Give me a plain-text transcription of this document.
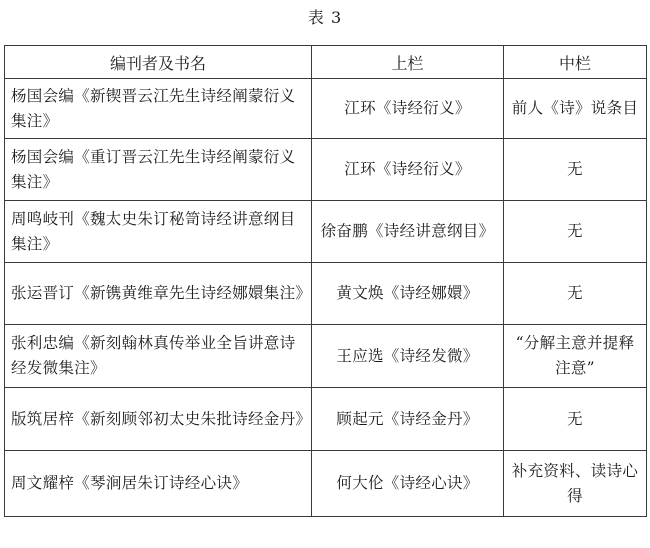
表 3
编刊者及书名	上栏	中栏
杨国会编《新锲晋云江先生诗经阐蒙衍义集注》	江环《诗经衍义》	前人《诗》说条目
杨国会编《重订晋云江先生诗经阐蒙衍义集注》	江环《诗经衍义》	无
周鸣岐刊《魏太史朱订秘笥诗经讲意纲目集注》	徐奋鹏《诗经讲意纲目》	无
张运晋订《新镌黄维章先生诗经娜嬛集注》	黄文焕《诗经娜嬛》	无
张利忠编《新刻翰林真传举业全旨讲意诗经发微集注》	王应选《诗经发微》	“分解主意并提释注意”
版筑居梓《新刻顾邻初太史朱批诗经金丹》	顾起元《诗经金丹》	无
周文耀梓《琴涧居朱订诗经心诀》	何大伦《诗经心诀》	补充资料、读诗心得
